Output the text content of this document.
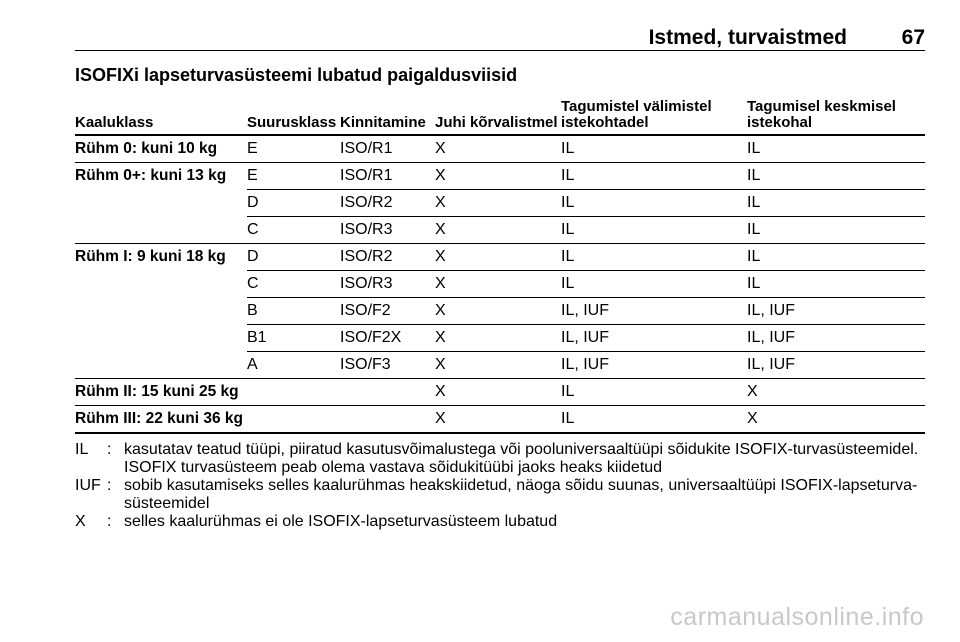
Istmed, turvaistmed	67
ISOFIXi lapseturvasüsteemi lubatud paigaldusviisid
Kaaluklass	Suurusklass	Kinnitamine	Juhi kõrvalistmel	Tagumistel välimistel istekohtadel	Tagumisel keskmisel istekohal
Rühm 0: kuni 10 kg	E	ISO/R1	X	IL	IL
Rühm 0+: kuni 13 kg	E	ISO/R1	X	IL	IL
	D	ISO/R2	X	IL	IL
	C	ISO/R3	X	IL	IL
Rühm I: 9 kuni 18 kg	D	ISO/R2	X	IL	IL
	C	ISO/R3	X	IL	IL
	B	ISO/F2	X	IL, IUF	IL, IUF
	B1	ISO/F2X	X	IL, IUF	IL, IUF
	A	ISO/F3	X	IL, IUF	IL, IUF
Rühm II: 15 kuni 25 kg			X	IL	X
Rühm III: 22 kuni 36 kg			X	IL	X
IL	: kasutatav teatud tüüpi, piiratud kasutusvõimalustega või pooluniversaaltüüpi sõidukite ISOFIX-turvasüsteemidel. ISOFIX turvasüsteem peab olema vastava sõidukitüübi jaoks heaks kiidetud
IUF : sobib kasutamiseks selles kaalurühmas heakskiidetud, näoga sõidu suunas, universaaltüüpi ISOFIX-lapseturva- süsteemidel
X	: selles kaalurühmas ei ole ISOFIX-lapseturvasüsteem lubatud
carmanualsonline.info
